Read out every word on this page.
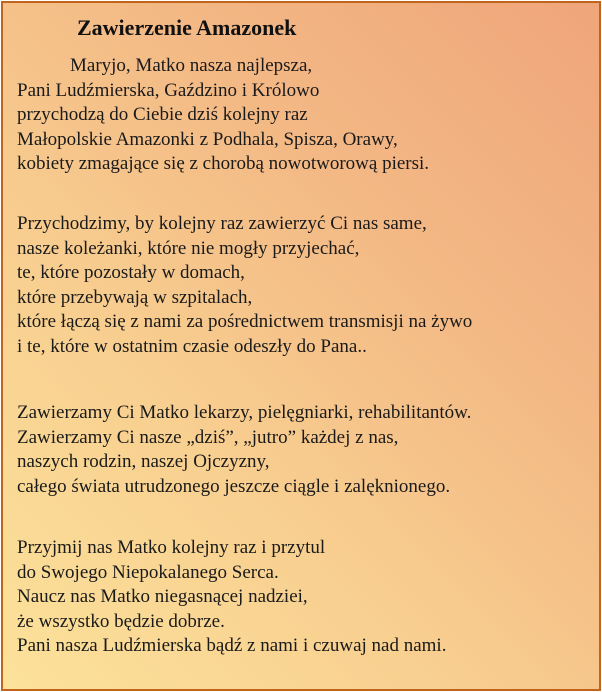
Zawierzenie Amazonek
Maryjo, Matko nasza najlepsza,
Pani Ludźmierska, Gaździno i Królowo
przychodzą do Ciebie dziś kolejny raz
Małopolskie Amazonki z Podhala, Spisza, Orawy,
kobiety zmagające się z chorobą nowotworową piersi.
Przychodzimy, by kolejny raz zawierzyć Ci nas same,
nasze koleżanki, które nie mogły przyjechać,
te, które pozostały w domach,
które przebywają w szpitalach,
które łączą się z nami za pośrednictwem transmisji na żywo
i te, które w ostatnim czasie odeszły do Pana..
Zawierzamy Ci Matko lekarzy, pielęgniarki, rehabilitantów.
Zawierzamy Ci nasze „dziś”, „jutro” każdej z nas,
naszych rodzin, naszej Ojczyzny,
całego świata utrudzonego jeszcze ciągle i zalęknionego.
Przyjmij nas Matko kolejny raz i przytul
do Swojego Niepokalanego Serca.
Naucz nas Matko niegasnącej nadziei,
że wszystko będzie dobrze.
Pani nasza Ludźmierska bądź z nami i czuwaj nad nami.
